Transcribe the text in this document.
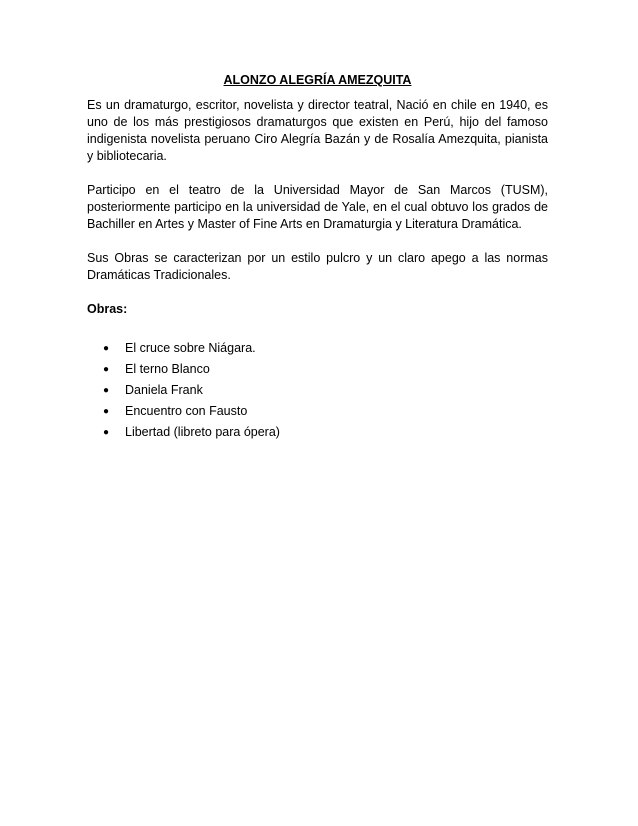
ALONZO ALEGRÍA AMEZQUITA

Es un dramaturgo, escritor, novelista y director teatral, Nació en chile en 1940, es uno de los más prestigiosos dramaturgos que existen en Perú, hijo del famoso indigenista novelista peruano Ciro Alegría Bazán y de Rosalía Amezquita, pianista y bibliotecaria.

Participo en el teatro de la Universidad Mayor de San Marcos (TUSM), posteriormente participo en la universidad de Yale, en el cual obtuvo los grados de Bachiller en Artes y Master of Fine Arts en Dramaturgia y Literatura Dramática.

Sus Obras se caracterizan por un estilo pulcro y un claro apego a las normas Dramáticas Tradicionales.

Obras:
● El cruce sobre Niágara.
● El terno Blanco
● Daniela Frank
● Encuentro con Fausto
● Libertad (libreto para ópera)
